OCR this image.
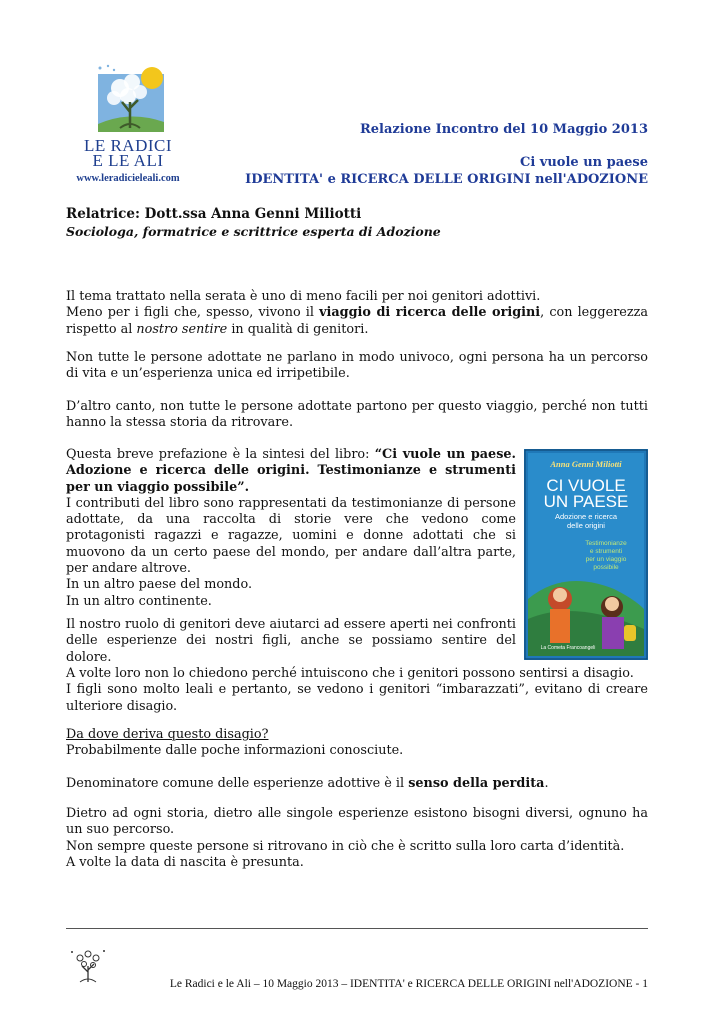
LE RADICI
E LE ALI
www.leradicieleali.com
Relazione Incontro del 10 Maggio 2013
Ci vuole un paese
IDENTITA' e RICERCA DELLE ORIGINI nell'ADOZIONE
Relatrice: Dott.ssa Anna Genni Miliotti
Sociologa, formatrice e scrittrice esperta di Adozione
Il tema trattato nella serata è uno di meno facili per noi genitori adottivi.
Meno per i figli che, spesso, vivono il viaggio di ricerca delle origini, con leggerezza rispetto al nostro sentire in qualità di genitori.
Non tutte le persone adottate ne parlano in modo univoco, ogni persona ha un percorso di vita e un’esperienza unica ed irripetibile.
D’altro canto, non tutte le persone adottate partono per questo viaggio, perché non tutti hanno la stessa storia da ritrovare.
Questa breve prefazione è la sintesi del libro: “Ci vuole un paese. Adozione e ricerca delle origini. Testimonianze e strumenti per un viaggio possibile”.
I contributi del libro sono rappresentati da testimonianze di persone adottate, da una raccolta di storie vere che vedono come protagonisti ragazzi e ragazze, uomini e donne adottati che si muovono da un certo paese del mondo, per andare dall’altra parte, per andare altrove.
In un altro paese del mondo.
In un altro continente.
Il nostro ruolo di genitori deve aiutarci ad essere aperti nei confronti delle esperienze dei nostri figli, anche se possiamo sentire del dolore.
A volte loro non lo chiedono perché intuiscono che i genitori possono sentirsi a disagio.
I figli sono molto leali e pertanto, se vedono i genitori “imbarazzati”, evitano di creare ulteriore disagio.
Da dove deriva questo disagio?
Probabilmente dalle poche informazioni conosciute.
Denominatore comune delle esperienze adottive è il senso della perdita.
Dietro ad ogni storia, dietro alle singole esperienze esistono bisogni diversi, ognuno ha un suo percorso.
Non sempre queste persone si ritrovano in ciò che è scritto sulla loro carta d’identità.
A volte la data di nascita è presunta.
Anna Genni Miliotti
CI VUOLE
UN PAESE
Adozione e ricerca
delle origini
Testimonianze
e strumenti
per un viaggio
possibile
La Cometa Francoangeli
Le Radici e le Ali – 10 Maggio 2013 – IDENTITA' e RICERCA DELLE ORIGINI nell'ADOZIONE - 1
